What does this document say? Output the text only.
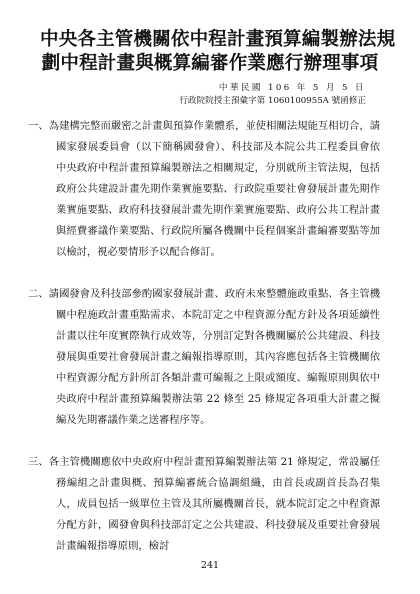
中央各主管機關依中程計畫預算編製辦法規
劃中程計畫與概算編審作業應行辦理事項
中華民國 106 年 5 月 5 日
行政院院授主預彙字第 1060100955A 號函修正

一、為建構完整而嚴密之計畫與預算作業體系，並使相關法規能互相切合，請國家發展委員會（以下簡稱國發會）、科技部及本院公共工程委員會依中央政府中程計畫預算編製辦法之相關規定，分別就所主管法規，包括政府公共建設計畫先期作業實施要點、行政院重要社會發展計畫先期作業實施要點、政府科技發展計畫先期作業實施要點、政府公共工程計畫與經費審議作業要點、行政院所屬各機關中長程個案計畫編審要點等加以檢討，視必要情形予以配合修訂。

二、請國發會及科技部參酌國家發展計畫、政府未來整體施政重點、各主管機關中程施政計畫重點需求、本院訂定之中程資源分配方針及各項延續性計畫以往年度實際執行成效等，分別訂定對各機關屬於公共建設、科技發展與重要社會發展計畫之編報指導原則，其內容應包括各主管機關依中程資源分配方針所訂各類計畫可編報之上限或額度、編報原則與依中央政府中程計畫預算編製辦法第 22 條至 25 條規定各項重大計畫之擬編及先期審議作業之送審程序等。

三、各主管機關應依中央政府中程計畫預算編製辦法第 21 條規定，常設屬任務編組之計畫與概、預算編審統合協調組織，由首長或副首長為召集人，成員包括一級單位主管及其所屬機關首長，就本院訂定之中程資源分配方針，國發會與科技部訂定之公共建設、科技發展及重要社會發展計畫編報指導原則，檢討

241
